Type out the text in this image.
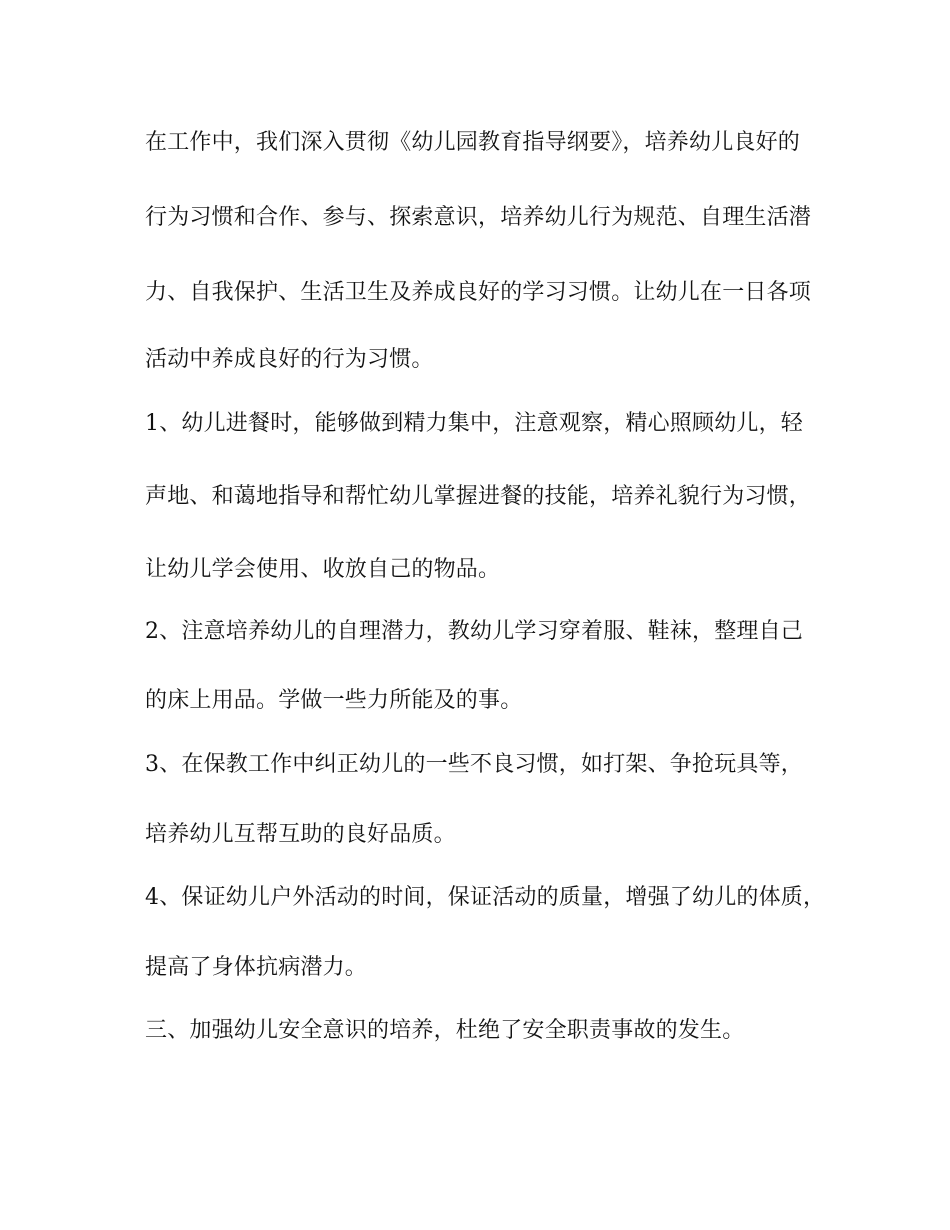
在工作中，我们深入贯彻《幼儿园教育指导纲要》，培养幼儿良好的
行为习惯和合作、参与、探索意识，培养幼儿行为规范、自理生活潜
力、自我保护、生活卫生及养成良好的学习习惯。让幼儿在一日各项
活动中养成良好的行为习惯。
1、幼儿进餐时，能够做到精力集中，注意观察，精心照顾幼儿，轻
声地、和蔼地指导和帮忙幼儿掌握进餐的技能，培养礼貌行为习惯，
让幼儿学会使用、收放自己的物品。
2、注意培养幼儿的自理潜力，教幼儿学习穿着服、鞋袜，整理自己
的床上用品。学做一些力所能及的事。
3、在保教工作中纠正幼儿的一些不良习惯，如打架、争抢玩具等，
培养幼儿互帮互助的良好品质。
4、保证幼儿户外活动的时间，保证活动的质量，增强了幼儿的体质，
提高了身体抗病潜力。
三、加强幼儿安全意识的培养，杜绝了安全职责事故的发生。
